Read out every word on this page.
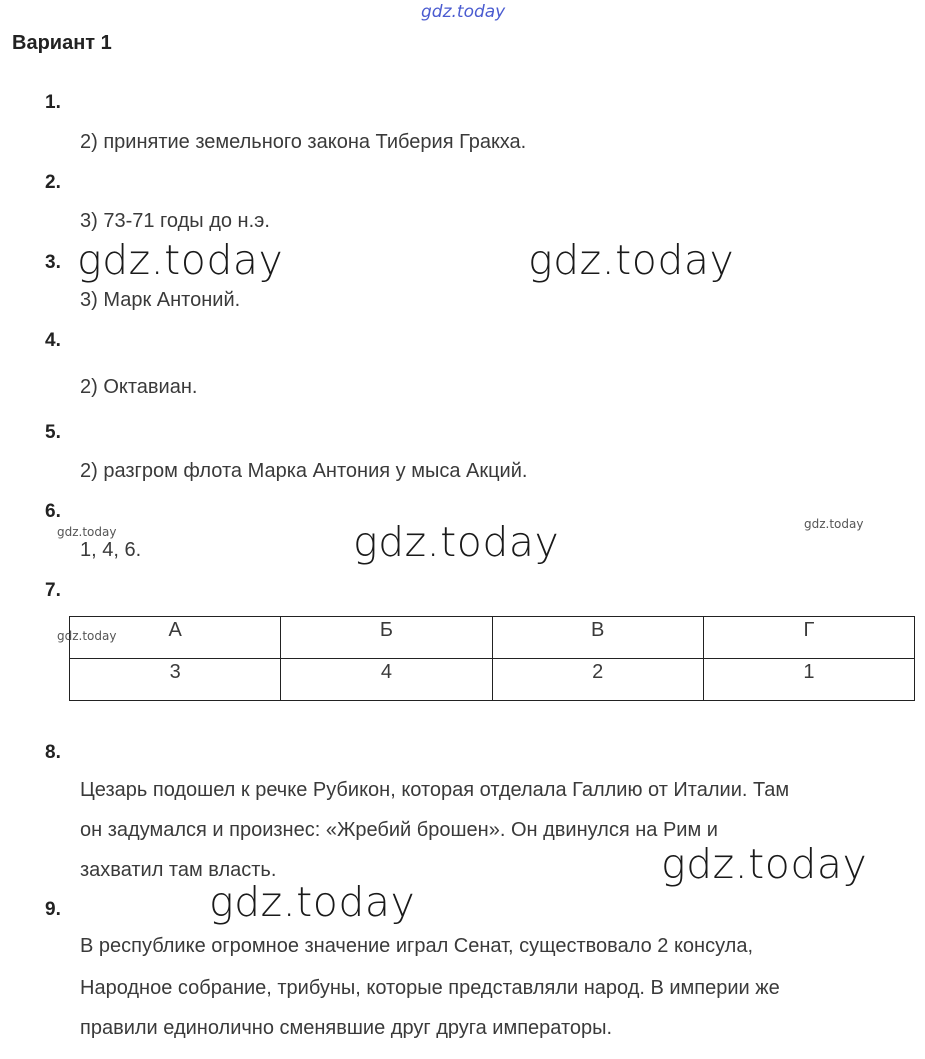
gdz.today
Вариант 1
1.
2) принятие земельного закона Тиберия Гракха.
2.
3) 73-71 годы до н.э.
3.
3) Марк Антоний.
4.
2) Октавиан.
5.
2) разгром флота Марка Антония у мыса Акций.
6.
1, 4, 6.
7.
А	Б	В	Г
3	4	2	1
8.
Цезарь подошел к речке Рубикон, которая отделала Галлию от Италии. Там
он задумался и произнес: «Жребий брошен». Он двинулся на Рим и
захватил там власть.
9.
В республике огромное значение играл Сенат, существовало 2 консула,
Народное собрание, трибуны, которые представляли народ. В империи же
правили единолично сменявшие друг друга императоры.
gdz.today	gdz.today
gdz.today
gdz.today
gdz.today
gdz.today
gdz.today
gdz.today
